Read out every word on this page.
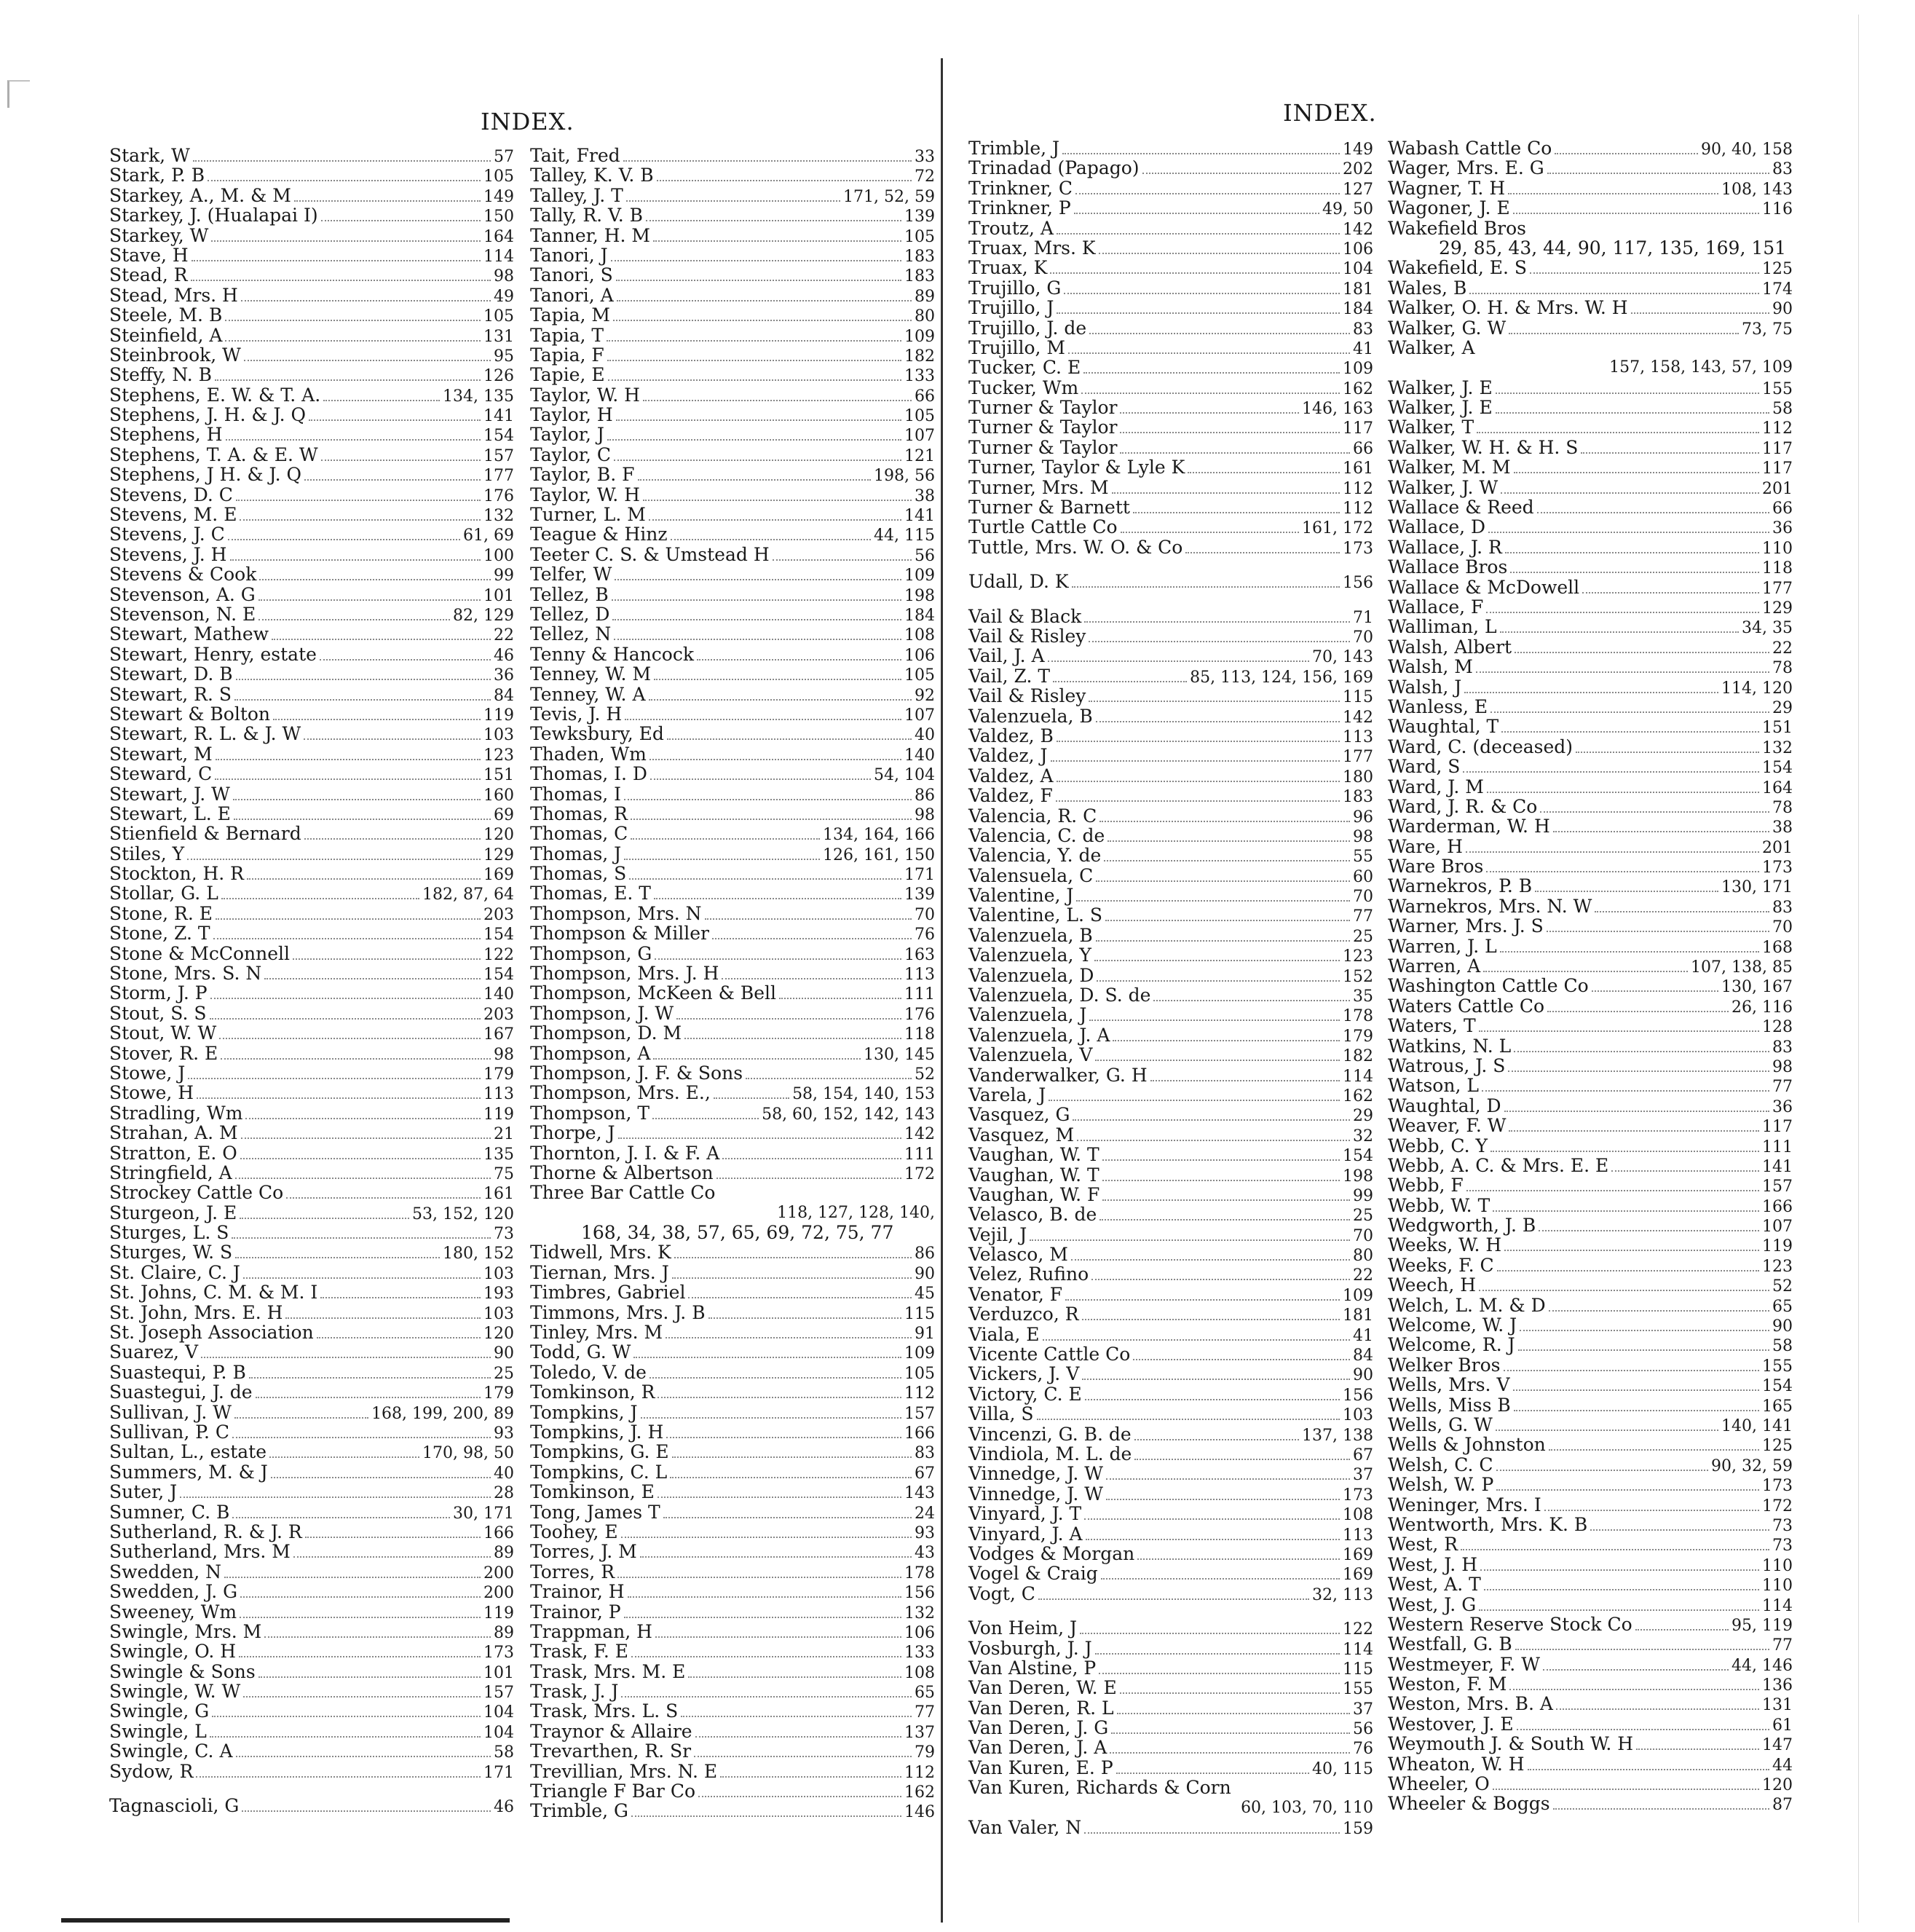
INDEX.	INDEX.
Stark, W	57
Stark, P. B	105
Starkey, A., M. & M	149
Starkey, J. (Hualapai I)	150
Starkey, W	164
Stave, H	114
Stead, R	98
Stead, Mrs. H	49
Steele, M. B	105
Steinfield, A	131
Steinbrook, W	95
Steffy, N. B	126
Stephens, E. W. & T. A.	134, 135
Stephens, J. H. & J. Q	141
Stephens, H	154
Stephens, T. A. & E. W	157
Stephens, J H. & J. Q	177
Stevens, D. C	176
Stevens, M. E	132
Stevens, J. C	61, 69
Stevens, J. H	100
Stevens & Cook	99
Stevenson, A. G	101
Stevenson, N. E	82, 129
Stewart, Mathew	22
Stewart, Henry, estate	46
Stewart, D. B	36
Stewart, R. S	84
Stewart & Bolton	119
Stewart, R. L. & J. W	103
Stewart, M	123
Steward, C	151
Stewart, J. W	160
Stewart, L. E	69
Stienfield & Bernard	120
Stiles, Y	129
Stockton, H. R	169
Stollar, G. L	182, 87, 64
Stone, R. E	203
Stone, Z. T	154
Stone & McConnell	122
Stone, Mrs. S. N	154
Storm, J. P	140
Stout, S. S	203
Stout, W. W	167
Stover, R. E	98
Stowe, J	179
Stowe, H	113
Stradling, Wm	119
Strahan, A. M	21
Stratton, E. O	135
Stringfield, A	75
Strockey Cattle Co	161
Sturgeon, J. E	53, 152, 120
Sturges, L. S	73
Sturges, W. S	180, 152
St. Claire, C. J	103
St. Johns, C. M. & M. I	193
St. John, Mrs. E. H	103
St. Joseph Association	120
Suarez, V	90
Suastequi, P. B	25
Suastegui, J. de	179
Sullivan, J. W	168, 199, 200, 89
Sullivan, P. C	93
Sultan, L., estate	170, 98, 50
Summers, M. & J	40
Suter, J	28
Sumner, C. B	30, 171
Sutherland, R. & J. R	166
Sutherland, Mrs. M	89
Swedden, N	200
Swedden, J. G	200
Sweeney, Wm	119
Swingle, Mrs. M	89
Swingle, O. H	173
Swingle & Sons	101
Swingle, W. W	157
Swingle, G	104
Swingle, L	104
Swingle, C. A	58
Sydow, R	171
Tagnascioli, G	46
Tait, Fred	33
Talley, K. V. B	72
Talley, J. T	171, 52, 59
Tally, R. V. B	139
Tanner, H. M	105
Tanori, J	183
Tanori, S	183
Tanori, A	89
Tapia, M	80
Tapia, T	109
Tapia, F	182
Tapie, E	133
Taylor, W. H	66
Taylor, H	105
Taylor, J	107
Taylor, C	121
Taylor, B. F	198, 56
Taylor, W. H	38
Turner, L. M	141
Teague & Hinz	44, 115
Teeter C. S. & Umstead H	56
Telfer, W	109
Tellez, B	198
Tellez, D	184
Tellez, N	108
Tenny & Hancock	106
Tenney, W. M	105
Tenney, W. A	92
Tevis, J. H	107
Tewksbury, Ed	40
Thaden, Wm	140
Thomas, I. D	54, 104
Thomas, I	86
Thomas, R	98
Thomas, C	134, 164, 166
Thomas, J	126, 161, 150
Thomas, S	171
Thomas, E. T	139
Thompson, Mrs. N	70
Thompson & Miller	76
Thompson, G	163
Thompson, Mrs. J. H	113
Thompson, McKeen & Bell	111
Thompson, J. W	176
Thompson, D. M	118
Thompson, A	130, 145
Thompson, J. F. & Sons	52
Thompson, Mrs. E.,	58, 154, 140, 153
Thompson, T	58, 60, 152, 142, 143
Thorpe, J	142
Thornton, J. I. & F. A	111
Thorne & Albertson	172
Three Bar Cattle Co
118, 127, 128, 140,
168, 34, 38, 57, 65, 69, 72, 75, 77
Tidwell, Mrs. K	86
Tiernan, Mrs. J	90
Timbres, Gabriel	45
Timmons, Mrs. J. B	115
Tinley, Mrs. M	91
Todd, G. W	109
Toledo, V. de	105
Tomkinson, R	112
Tompkins, J	157
Tompkins, J. H	166
Tompkins, G. E	83
Tompkins, C. L	67
Tomkinson, E	143
Tong, James T	24
Toohey, E	93
Torres, J. M	43
Torres, R	178
Trainor, H	156
Trainor, P	132
Trappman, H	106
Trask, F. E	133
Trask, Mrs. M. E	108
Trask, J. J	65
Trask, Mrs. L. S	77
Traynor & Allaire	137
Trevarthen, R. Sr	79
Trevillian, Mrs. N. E	112
Triangle F Bar Co	162
Trimble, G	146
Trimble, J	149
Trinadad (Papago)	202
Trinkner, C	127
Trinkner, P	49, 50
Troutz, A	142
Truax, Mrs. K	106
Truax, K	104
Trujillo, G	181
Trujillo, J	184
Trujillo, J. de	83
Trujillo, M	41
Tucker, C. E	109
Tucker, Wm	162
Turner & Taylor	146, 163
Turner & Taylor	117
Turner & Taylor	66
Turner, Taylor & Lyle K	161
Turner, Mrs. M	112
Turner & Barnett	112
Turtle Cattle Co	161, 172
Tuttle, Mrs. W. O. & Co	173
Udall, D. K	156
Vail & Black	71
Vail & Risley	70
Vail, J. A	70, 143
Vail, Z. T	85, 113, 124, 156, 169
Vail & Risley	115
Valenzuela, B	142
Valdez, B	113
Valdez, J	177
Valdez, A	180
Valdez, F	183
Valencia, R. C	96
Valencia, C. de	98
Valencia, Y. de	55
Valensuela, C	60
Valentine, J	70
Valentine, L. S	77
Valenzuela, B	25
Valenzuela, Y	123
Valenzuela, D	152
Valenzuela, D. S. de	35
Valenzuela, J	178
Valenzuela, J. A	179
Valenzuela, V	182
Vanderwalker, G. H	114
Varela, J	162
Vasquez, G	29
Vasquez, M	32
Vaughan, W. T	154
Vaughan, W. T	198
Vaughan, W. F	99
Velasco, B. de	25
Vejil, J	70
Velasco, M	80
Velez, Rufino	22
Venator, F	109
Verduzco, R	181
Viala, E	41
Vicente Cattle Co	84
Vickers, J. V	90
Victory, C. E	156
Villa, S	103
Vincenzi, G. B. de	137, 138
Vindiola, M. L. de	67
Vinnedge, J. W	37
Vinnedge, J. W	173
Vinyard, J. T	108
Vinyard, J. A	113
Vodges & Morgan	169
Vogel & Craig	169
Vogt, C	32, 113
Von Heim, J	122
Vosburgh, J. J	114
Van Alstine, P	115
Van Deren, W. E	155
Van Deren, R. L	37
Van Deren, J. G	56
Van Deren, J. A	76
Van Kuren, E. P	40, 115
Van Kuren, Richards & Corn
60, 103, 70, 110
Van Valer, N	159
Wabash Cattle Co	90, 40, 158
Wager, Mrs. E. G	83
Wagner, T. H	108, 143
Wagoner, J. E	116
Wakefield Bros
29, 85, 43, 44, 90, 117, 135, 169, 151
Wakefield, E. S	125
Wales, B	174
Walker, O. H. & Mrs. W. H	90
Walker, G. W	73, 75
Walker, A
157, 158, 143, 57, 109
Walker, J. E	155
Walker, J. E	58
Walker, T	112
Walker, W. H. & H. S	117
Walker, M. M	117
Walker, J. W	201
Wallace & Reed	66
Wallace, D	36
Wallace, J. R	110
Wallace Bros	118
Wallace & McDowell	177
Wallace, F	129
Walliman, L	34, 35
Walsh, Albert	22
Walsh, M	78
Walsh, J	114, 120
Wanless, E	29
Waughtal, T	151
Ward, C. (deceased)	132
Ward, S	154
Ward, J. M	164
Ward, J. R. & Co	78
Warderman, W. H	38
Ware, H	201
Ware Bros	173
Warnekros, P. B	130, 171
Warnekros, Mrs. N. W	83
Warner, Mrs. J. S	70
Warren, J. L	168
Warren, A	107, 138, 85
Washington Cattle Co	130, 167
Waters Cattle Co	26, 116
Waters, T	128
Watkins, N. L	83
Watrous, J. S	98
Watson, L	77
Waughtal, D	36
Weaver, F. W	117
Webb, C. Y	111
Webb, A. C. & Mrs. E. E	141
Webb, F	157
Webb, W. T	166
Wedgworth, J. B	107
Weeks, W. H	119
Weeks, F. C	123
Weech, H	52
Welch, L. M. & D	65
Welcome, W. J	90
Welcome, R. J	58
Welker Bros	155
Wells, Mrs. V	154
Wells, Miss B	165
Wells, G. W	140, 141
Wells & Johnston	125
Welsh, C. C	90, 32, 59
Welsh, W. P	173
Weninger, Mrs. I	172
Wentworth, Mrs. K. B	73
West, R	73
West, J. H	110
West, A. T	110
West, J. G	114
Western Reserve Stock Co	95, 119
Westfall, G. B	77
Westmeyer, F. W	44, 146
Weston, F. M	136
Weston, Mrs. B. A	131
Westover, J. E	61
Weymouth J. & South W. H	147
Wheaton, W. H	44
Wheeler, O	120
Wheeler & Boggs	87
